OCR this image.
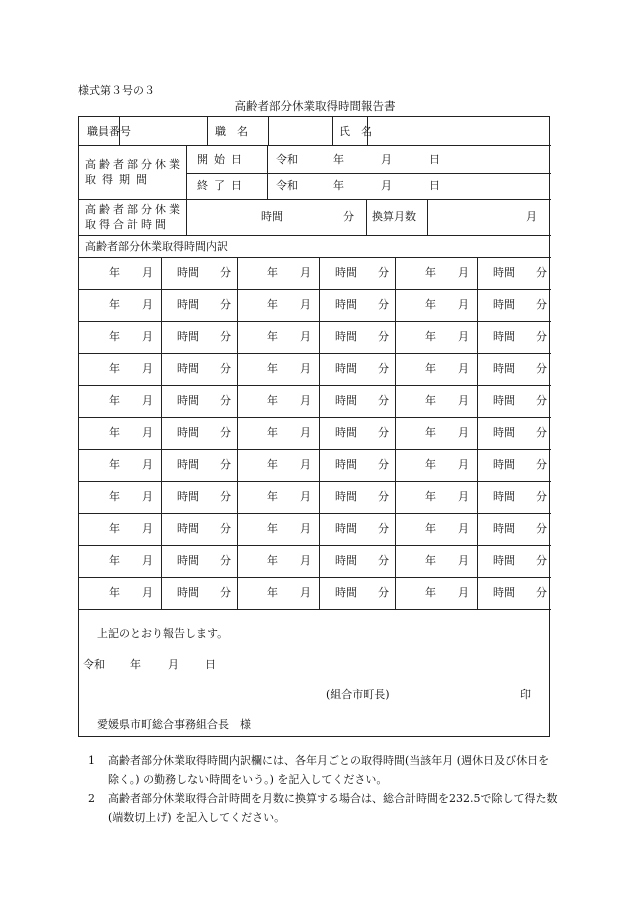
様式第３号の３
高齢者部分休業取得時間報告書
職員番号	職　名	氏　名
高齢者部分休業
取得期間
開始日	令和	年	月	日
終了日	令和	年	月	日
高齢者部分休業
取得合計時間
時間	分 換算月数	月
高齢者部分休業取得時間内訳
年 月 時間 分	年 月 時間 分	年 月 時間 分
年 月 時間 分	年 月 時間 分	年 月 時間 分
年 月 時間 分	年 月 時間 分	年 月 時間 分
年 月 時間 分	年 月 時間 分	年 月 時間 分
年 月 時間 分	年 月 時間 分	年 月 時間 分
年 月 時間 分	年 月 時間 分	年 月 時間 分
年 月 時間 分	年 月 時間 分	年 月 時間 分
年 月 時間 分	年 月 時間 分	年 月 時間 分
年 月 時間 分	年 月 時間 分	年 月 時間 分
年 月 時間 分	年 月 時間 分	年 月 時間 分
年 月 時間 分	年 月 時間 分	年 月 時間 分
上記のとおり報告します。
令和 年 月 日
(組合市町長)	印
愛媛県市町総合事務組合長　様
1 高齢者部分休業取得時間内訳欄には、各年月ごとの取得時間(当該年月 (週休日及び休日を除く。) の勤務しない時間をいう。) を記入してください。
2 高齢者部分休業取得合計時間を月数に換算する場合は、総合計時間を232.5で除して得た数(端数切上げ) を記入してください。
